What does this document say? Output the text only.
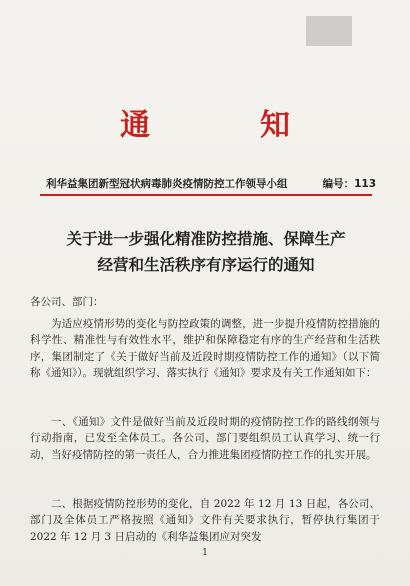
通	知
利华益集团新型冠状病毒肺炎疫情防控工作领导小组	编号：113
关于进一步强化精准防控措施、保障生产
经营和生活秩序有序运行的通知
各公司、部门：
为适应疫情形势的变化与防控政策的调整，进一步提升疫情防控措施的科学性、精准性与有效性水平，维护和保障稳定有序的生产经营和生活秩序，集团制定了《关于做好当前及近段时期疫情防控工作的通知》（以下简称《通知》）。现就组织学习、落实执行《通知》要求及有关工作通知如下：
一、《通知》文件是做好当前及近段时期的疫情防控工作的路线纲领与行动指南，已发至全体员工。各公司、部门要组织员工认真学习、统一行动，当好疫情防控的第一责任人，合力推进集团疫情防控工作的扎实开展。
二、根据疫情防控形势的变化，自 2022 年 12 月 13 日起，各公司、部门及全体员工严格按照《通知》文件有关要求执行，暂停执行集团于 2022 年 12 月 3 日启动的《利华益集团应对突发
1
